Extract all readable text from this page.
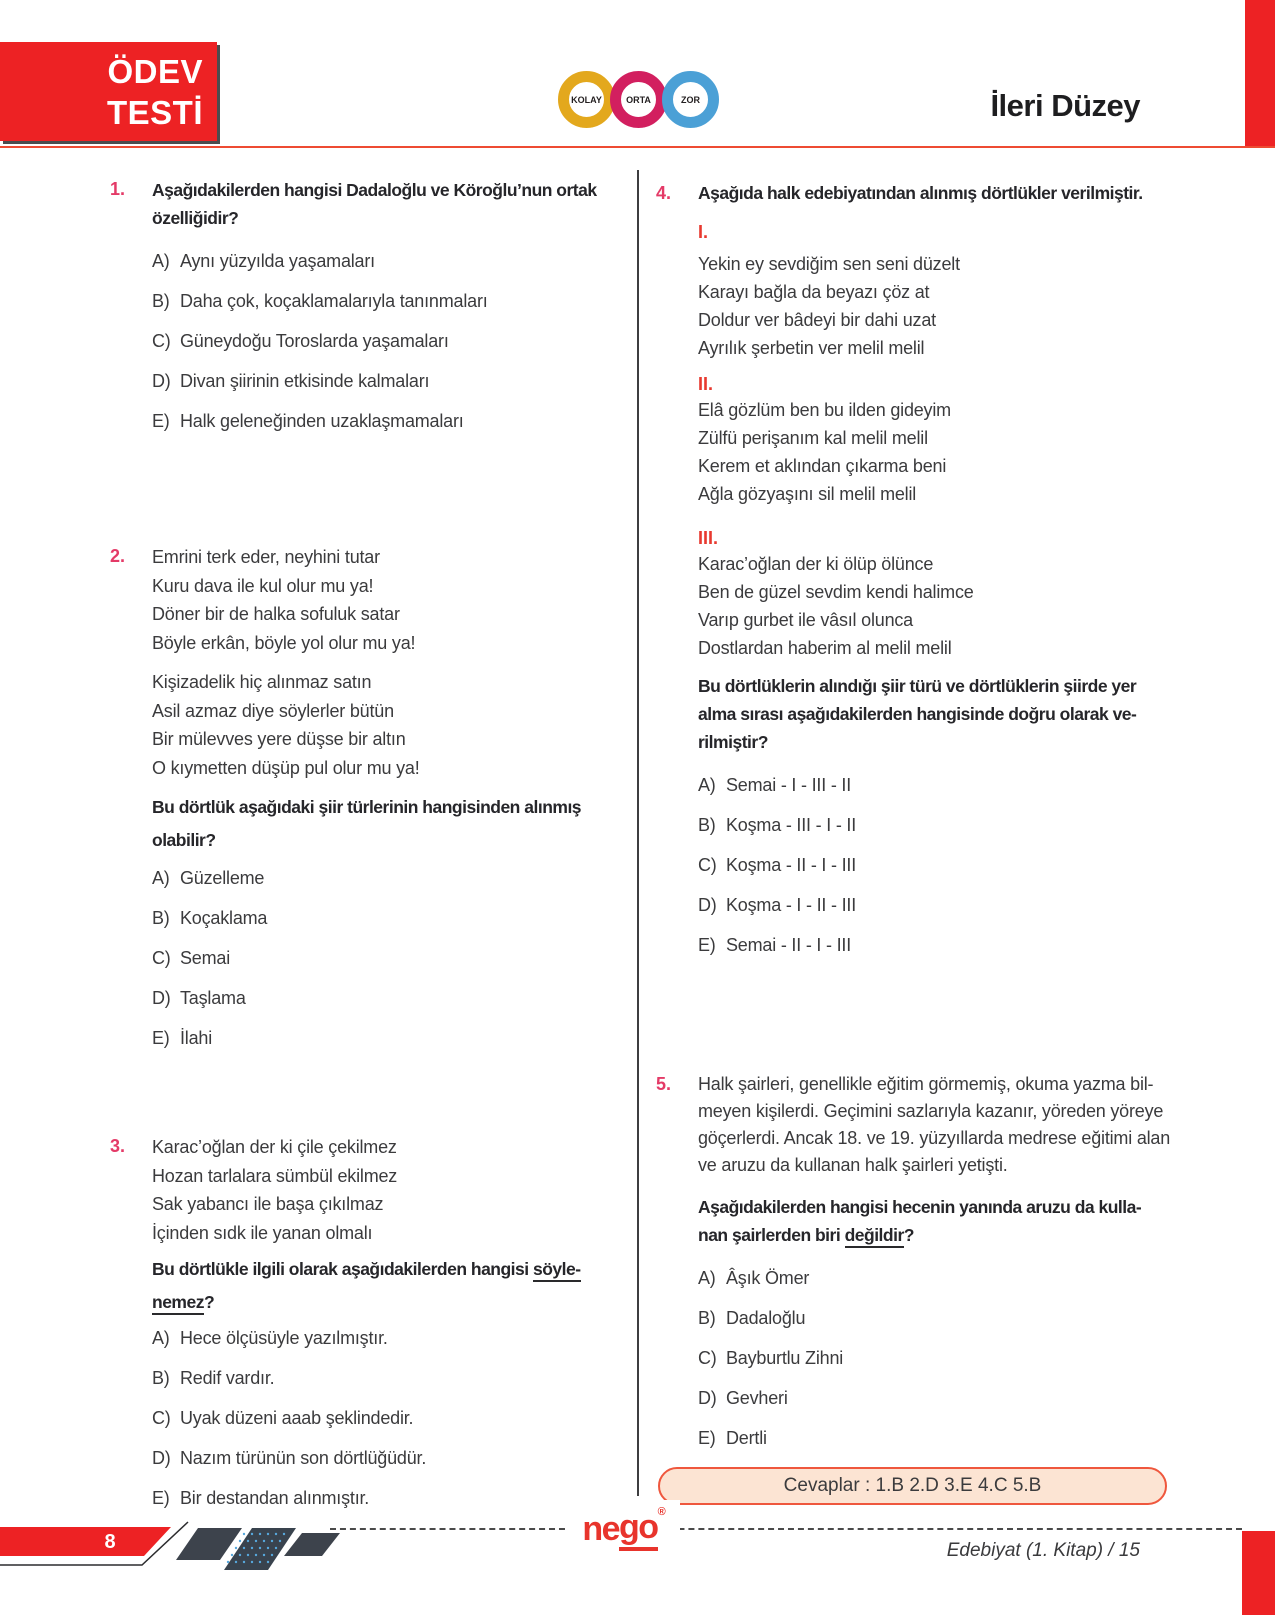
ÖDEV
TESTİ	KOLAY	ORTA	ZOR	İleri Düzey
1.	Aşağıdakilerden hangisi Dadaloğlu ve Köroğlu’nun ortak
özelliğidir?
A) Aynı yüzyılda yaşamaları
B) Daha çok, koçaklamalarıyla tanınmaları
C) Güneydoğu Toroslarda yaşamaları
D) Divan şiirinin etkisinde kalmaları
E) Halk geleneğinden uzaklaşmamaları
2.	Emrini terk eder, neyhini tutar
Kuru dava ile kul olur mu ya!
Döner bir de halka sofuluk satar
Böyle erkân, böyle yol olur mu ya!
Kişizadelik hiç alınmaz satın
Asil azmaz diye söylerler bütün
Bir mülevves yere düşse bir altın
O kıymetten düşüp pul olur mu ya!
Bu dörtlük aşağıdaki şiir türlerinin hangisinden alınmış
olabilir?
A) Güzelleme
B) Koçaklama
C) Semai
D) Taşlama
E) İlahi
3.	Karac’oğlan der ki çile çekilmez
Hozan tarlalara sümbül ekilmez
Sak yabancı ile başa çıkılmaz
İçinden sıdk ile yanan olmalı
Bu dörtlükle ilgili olarak aşağıdakilerden hangisi söyle-
nemez?
A) Hece ölçüsüyle yazılmıştır.
B) Redif vardır.
C) Uyak düzeni aaab şeklindedir.
D) Nazım türünün son dörtlüğüdür.
E) Bir destandan alınmıştır.
4.	Aşağıda halk edebiyatından alınmış dörtlükler verilmiştir.
I.
Yekin ey sevdiğim sen seni düzelt
Karayı bağla da beyazı çöz at
Doldur ver bâdeyi bir dahi uzat
Ayrılık şerbetin ver melil melil
II.
Elâ gözlüm ben bu ilden gideyim
Zülfü perişanım kal melil melil
Kerem et aklından çıkarma beni
Ağla gözyaşını sil melil melil
III.
Karac’oğlan der ki ölüp ölünce
Ben de güzel sevdim kendi halimce
Varıp gurbet ile vâsıl olunca
Dostlardan haberim al melil melil
Bu dörtlüklerin alındığı şiir türü ve dörtlüklerin şiirde yer
alma sırası aşağıdakilerden hangisinde doğru olarak ve-
rilmiştir?
A) Semai - I - III - II
B) Koşma - III - I - II
C) Koşma - II - I - III
D) Koşma - I - II - III
E) Semai - II - I - III
5.	Halk şairleri, genellikle eğitim görmemiş, okuma yazma bil-
meyen kişilerdi. Geçimini sazlarıyla kazanır, yöreden yöreye
göçerlerdi. Ancak 18. ve 19. yüzyıllarda medrese eğitimi alan
ve aruzu da kullanan halk şairleri yetişti.
Aşağıdakilerden hangisi hecenin yanında aruzu da kulla-
nan şairlerden biri değildir?
A) Âşık Ömer
B) Dadaloğlu
C) Bayburtlu Zihni
D) Gevheri
E) Dertli
Cevaplar : 1.B 2.D 3.E 4.C 5.B
8	ne go ®
Edebiyat (1. Kitap) / 15
